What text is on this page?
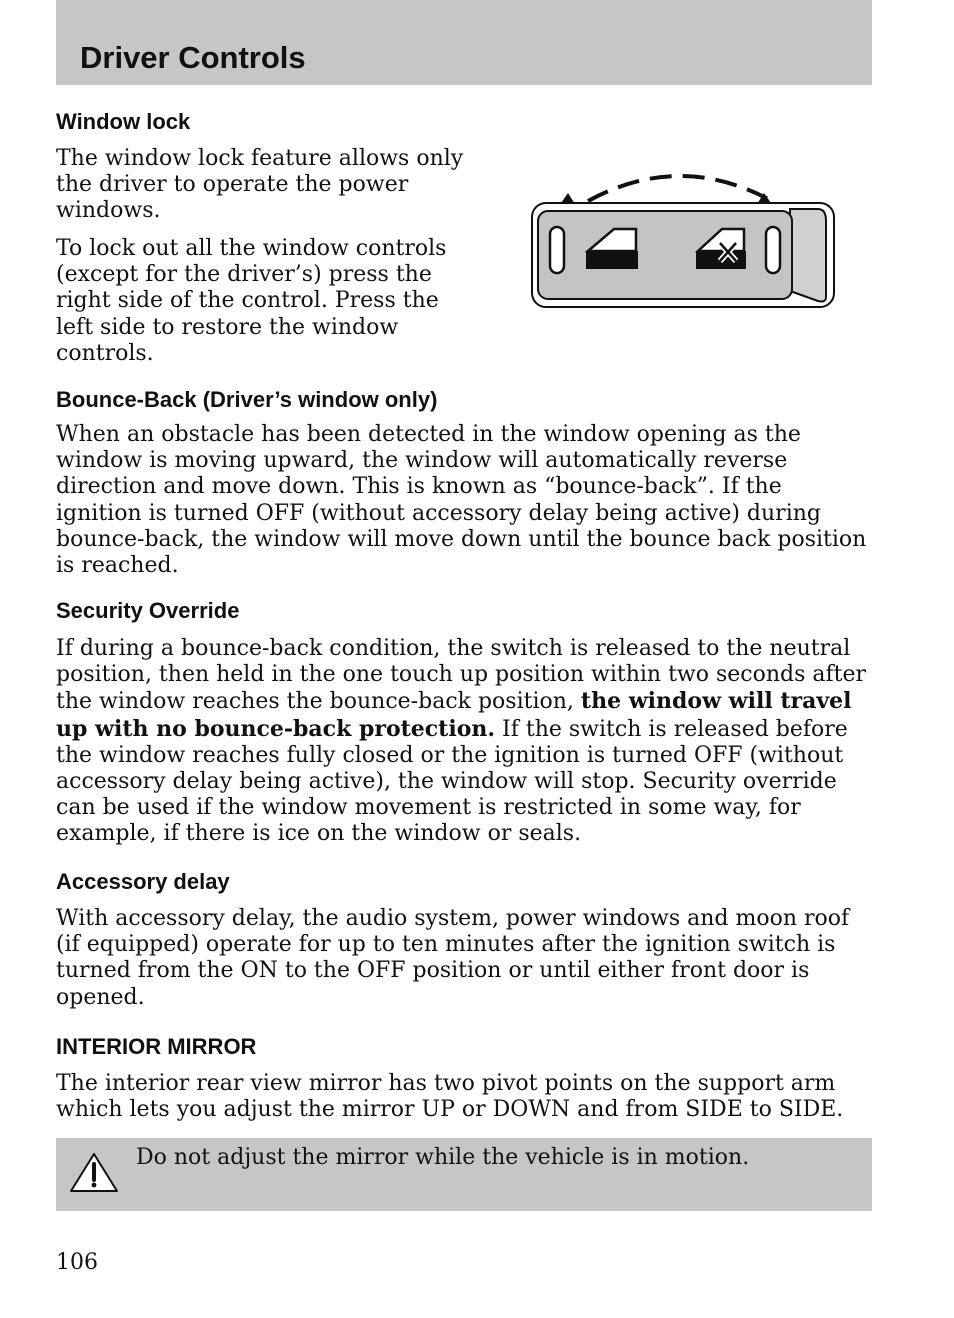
Driver Controls
Window lock

The window lock feature allows only the driver to operate the power windows.

To lock out all the window controls (except for the driver’s) press the right side of the control. Press the left side to restore the window controls.

Bounce-Back (Driver’s window only)

When an obstacle has been detected in the window opening as the window is moving upward, the window will automatically reverse direction and move down. This is known as “bounce-back”. If the ignition is turned OFF (without accessory delay being active) during bounce-back, the window will move down until the bounce back position is reached.

Security Override

If during a bounce-back condition, the switch is released to the neutral position, then held in the one touch up position within two seconds after the window reaches the bounce-back position, the window will travel up with no bounce-back protection. If the switch is released before the window reaches fully closed or the ignition is turned OFF (without accessory delay being active), the window will stop. Security override can be used if the window movement is restricted in some way, for example, if there is ice on the window or seals.

Accessory delay

With accessory delay, the audio system, power windows and moon roof (if equipped) operate for up to ten minutes after the ignition switch is turned from the ON to the OFF position or until either front door is opened.

INTERIOR MIRROR

The interior rear view mirror has two pivot points on the support arm which lets you adjust the mirror UP or DOWN and from SIDE to SIDE.

Do not adjust the mirror while the vehicle is in motion.

106
